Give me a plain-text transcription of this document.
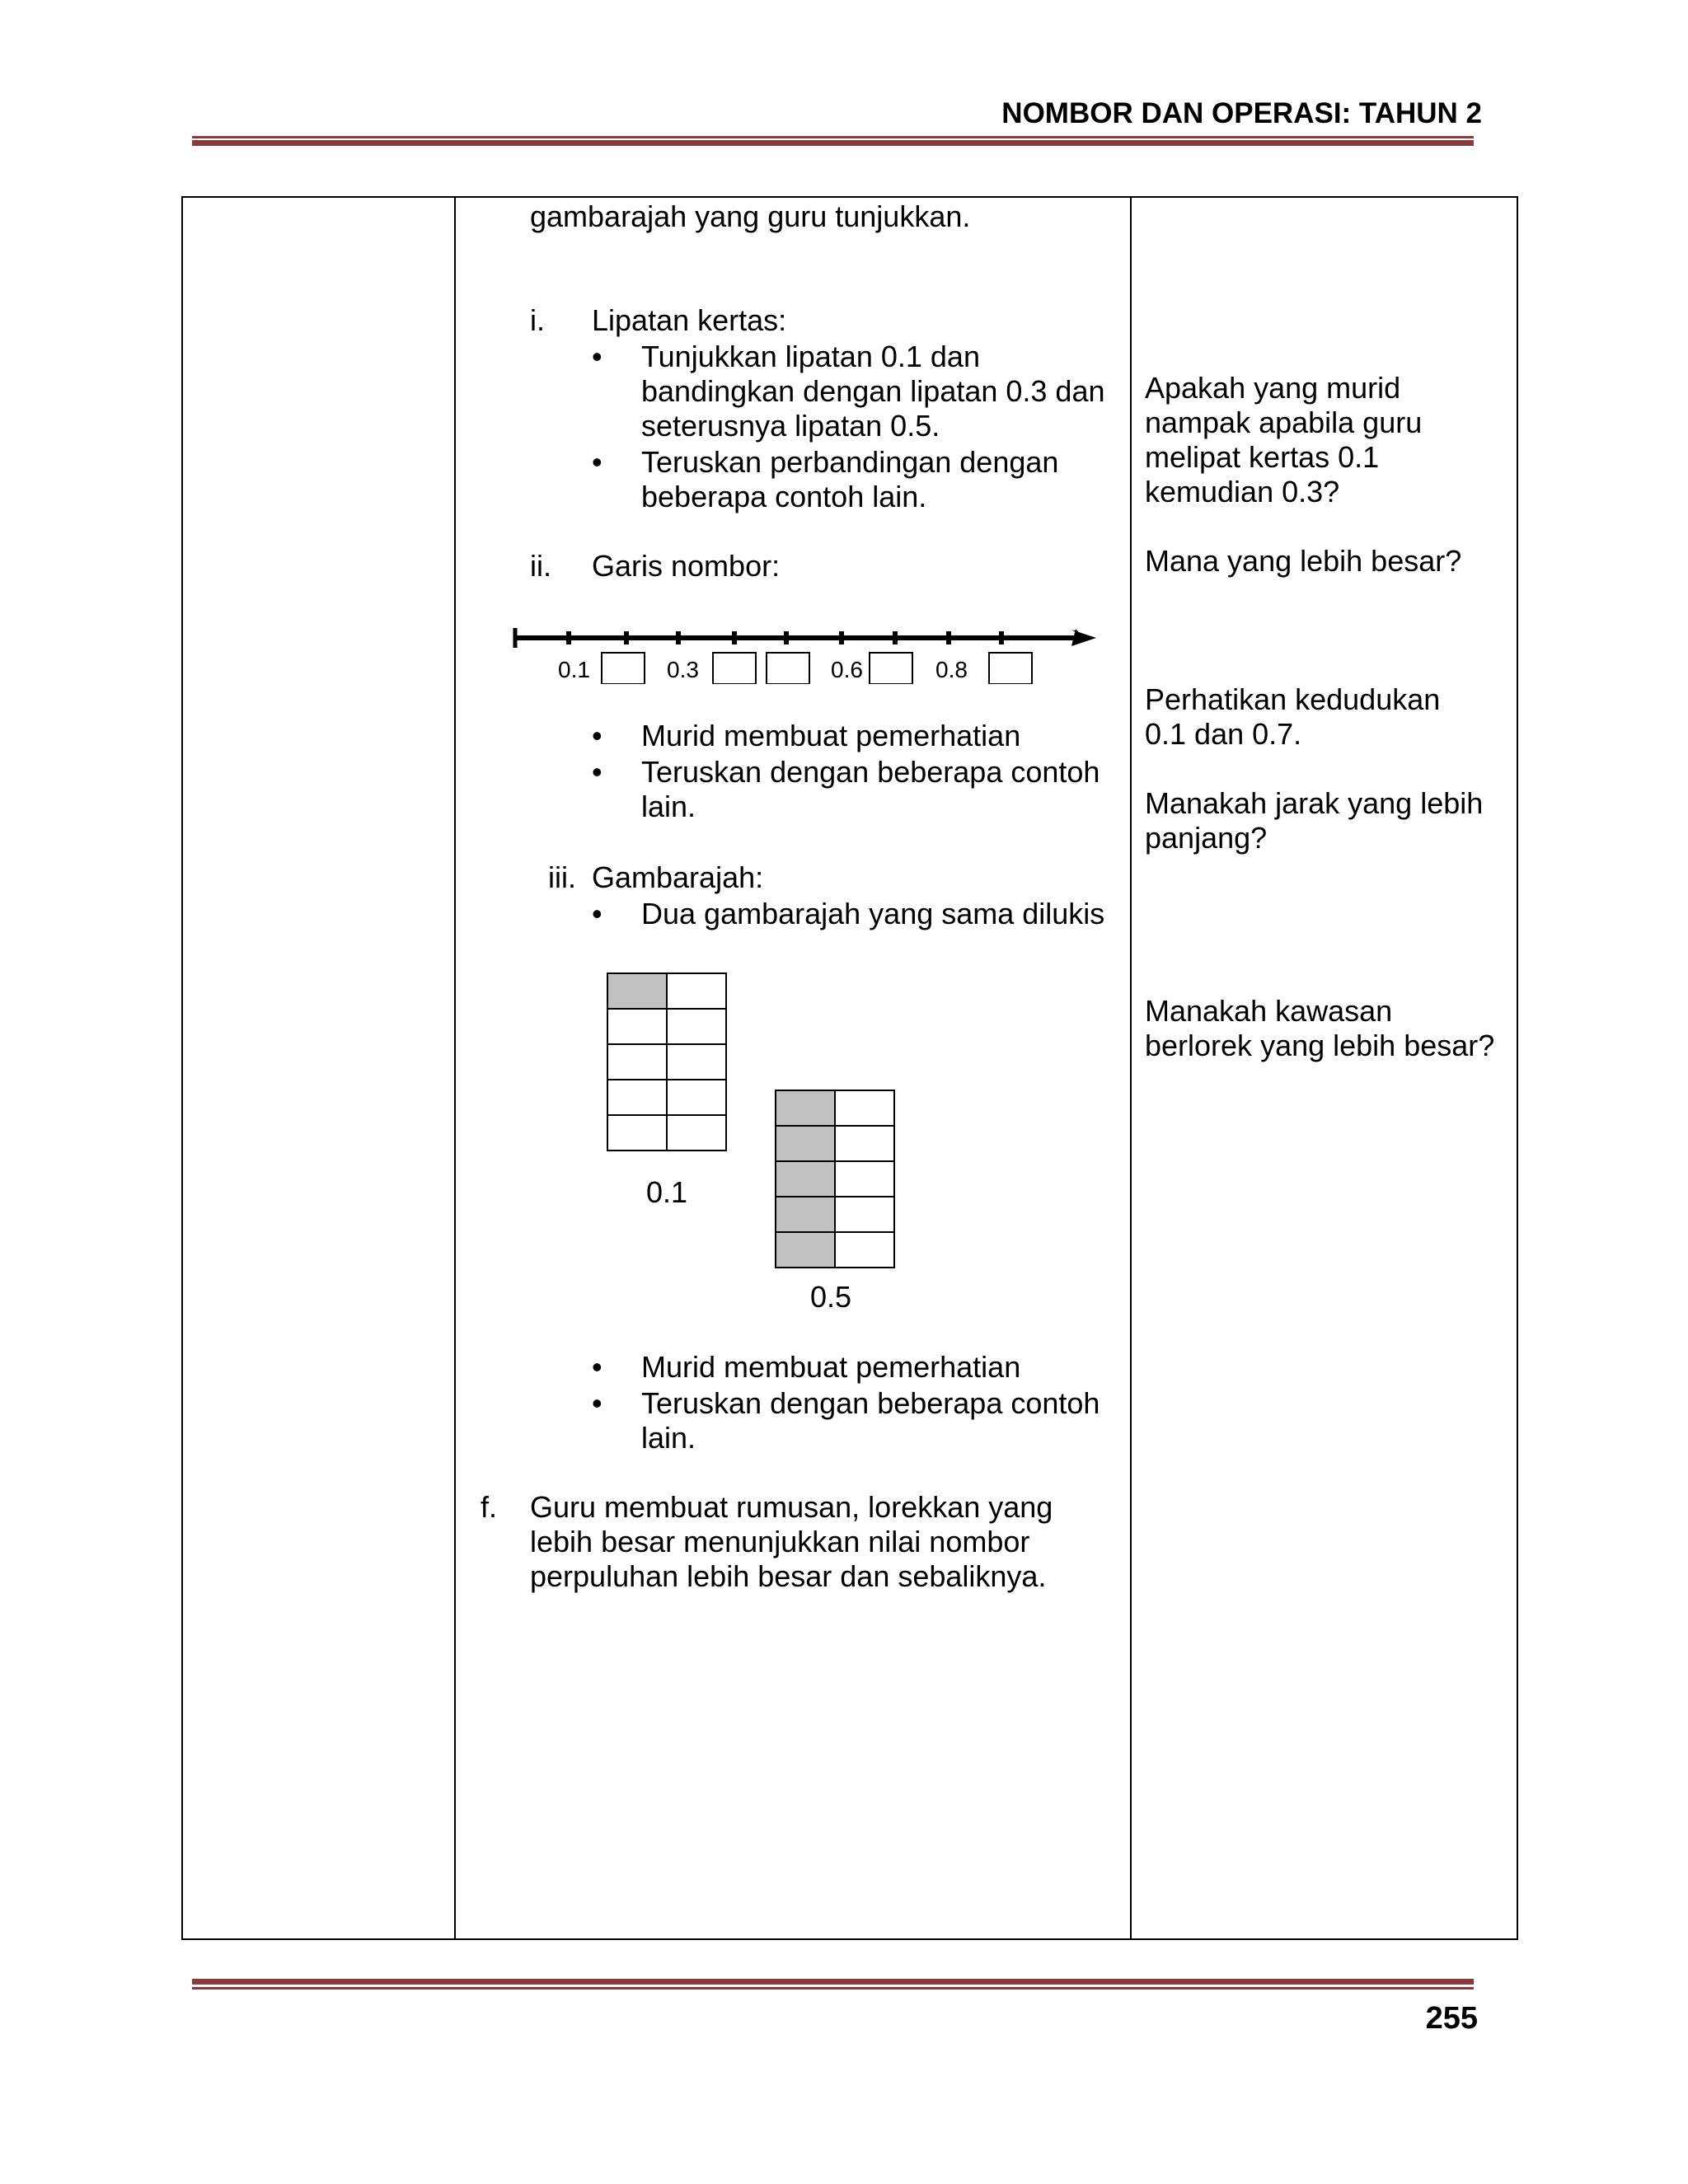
NOMBOR DAN OPERASI: TAHUN 2
gambarajah yang guru tunjukkan.
i. Lipatan kertas:
• Tunjukkan lipatan 0.1 dan
bandingkan dengan lipatan 0.3 dan
seterusnya lipatan 0.5.
• Teruskan perbandingan dengan
beberapa contoh lain.
ii. Garis nombor:
0.1	0.3	0.6	0.8
• Murid membuat pemerhatian
• Teruskan dengan beberapa contoh
lain.
iii. Gambarajah:
• Dua gambarajah yang sama dilukis

0.1

0.5
• Murid membuat pemerhatian
• Teruskan dengan beberapa contoh
lain.
f. Guru membuat rumusan, lorekkan yang
lebih besar menunjukkan nilai nombor
perpuluhan lebih besar dan sebaliknya.
Apakah yang murid
nampak apabila guru
melipat kertas 0.1
kemudian 0.3?
Mana yang lebih besar?
Perhatikan kedudukan
0.1 dan 0.7.
Manakah jarak yang lebih
panjang?
Manakah kawasan
berlorek yang lebih besar?
255
